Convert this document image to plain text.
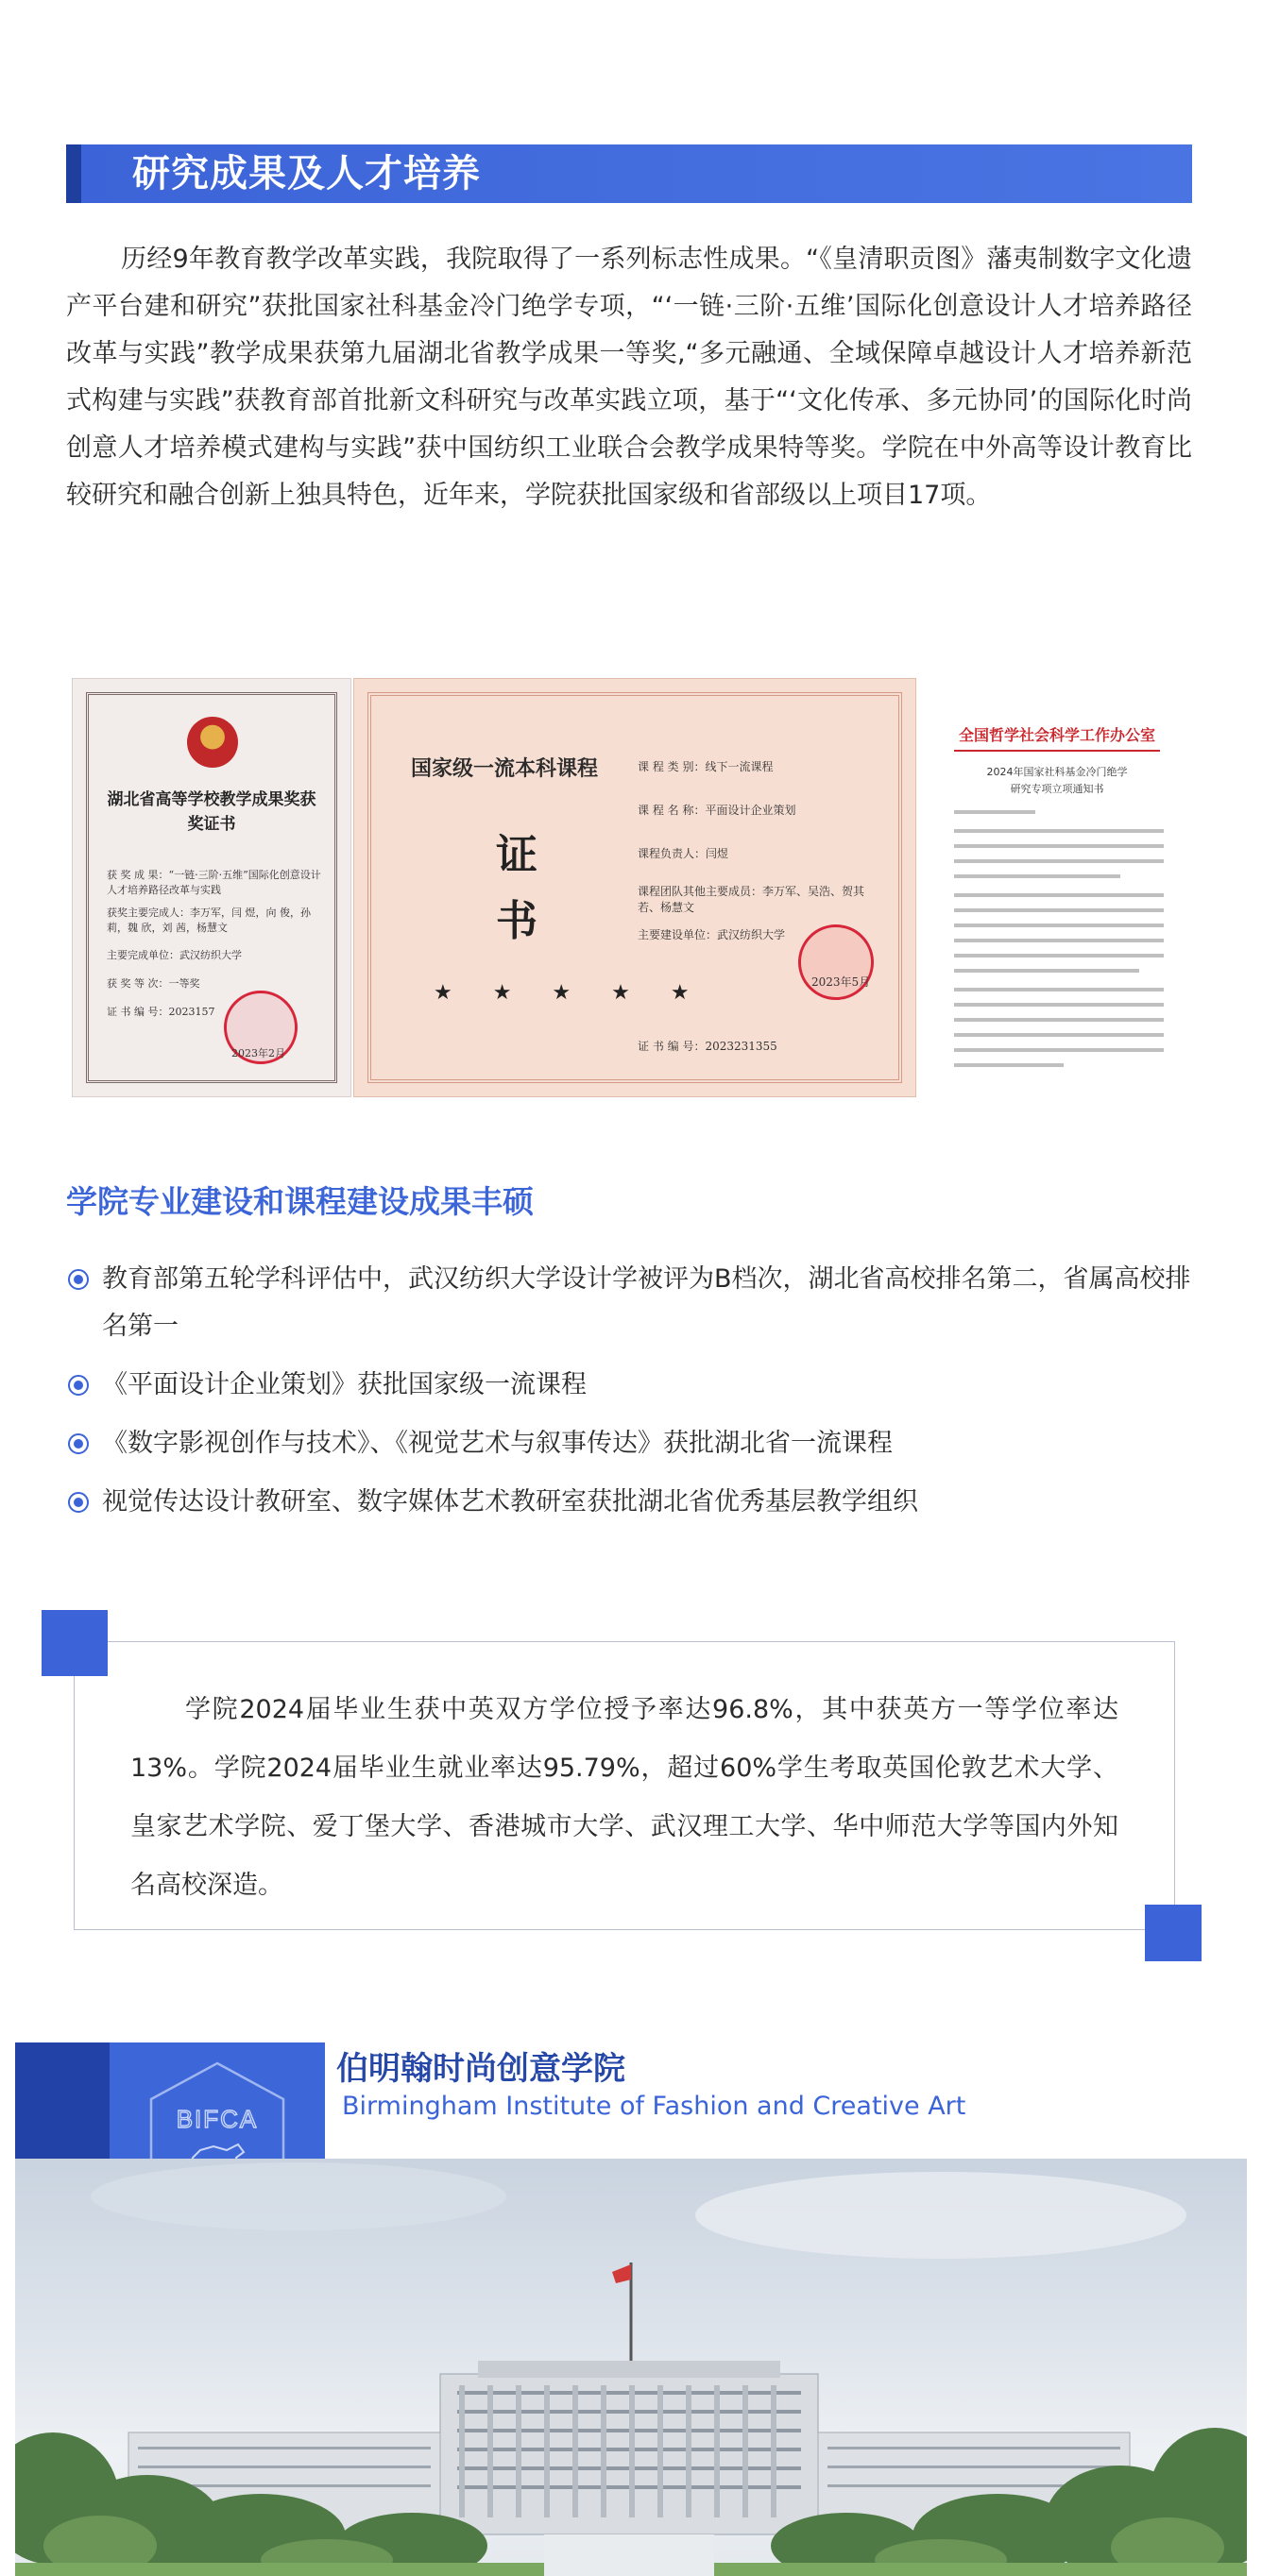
研究成果及人才培养

历经9年教育教学改革实践，我院取得了一系列标志性成果。“《皇清职贡图》藩夷制数字文化遗产平台建和研究”获批国家社科基金冷门绝学专项，“‘一链·三阶·五维’国际化创意设计人才培养路径改革与实践”教学成果获第九届湖北省教学成果一等奖,“多元融通、全域保障卓越设计人才培养新范式构建与实践”获教育部首批新文科研究与改革实践立项，基于“‘文化传承、多元协同’的国际化时尚创意人才培养模式建构与实践”获中国纺织工业联合会教学成果特等奖。学院在中外高等设计教育比较研究和融合创新上独具特色，近年来，学院获批国家级和省部级以上项目17项。

湖北省高等学校教学成果奖获奖证书
获 奖 成 果：“一链·三阶·五维”国际化创意设计人才培养路径改革与实践
获奖主要完成人：李万军，闫 煜，向 俊，孙 莉，魏 欣，刘 茜，杨慧文
主要完成单位：武汉纺织大学
获 奖 等 次：一等奖
证 书 编 号：2023157
2023年2月
国家级一流本科课程
证
书
★ ★ ★ ★ ★
课 程 类 别：线下一流课程
课 程 名 称：平面设计企业策划
课程负责人：闫煜
课程团队其他主要成员：李万军、吴浩、贺其若、杨慧文
主要建设单位：武汉纺织大学
证 书 编 号：2023231355
2023年5月
全国哲学社会科学工作办公室
2024年国家社科基金冷门绝学
研究专项立项通知书
学院专业建设和课程建设成果丰硕
教育部第五轮学科评估中，武汉纺织大学设计学被评为B档次，湖北省高校排名第二，省属高校排名第一
《平面设计企业策划》获批国家级一流课程
《数字影视创作与技术》、《视觉艺术与叙事传达》获批湖北省一流课程
视觉传达设计教研室、数字媒体艺术教研室获批湖北省优秀基层教学组织

学院2024届毕业生获中英双方学位授予率达96.8%，其中获英方一等学位率达13%。学院2024届毕业生就业率达95.79%，超过60%学生考取英国伦敦艺术大学、皇家艺术学院、爱丁堡大学、香港城市大学、武汉理工大学、华中师范大学等国内外知名高校深造。

BIFCA
伯明翰时尚创意学院
Birmingham Institute of Fashion and Creative Art
